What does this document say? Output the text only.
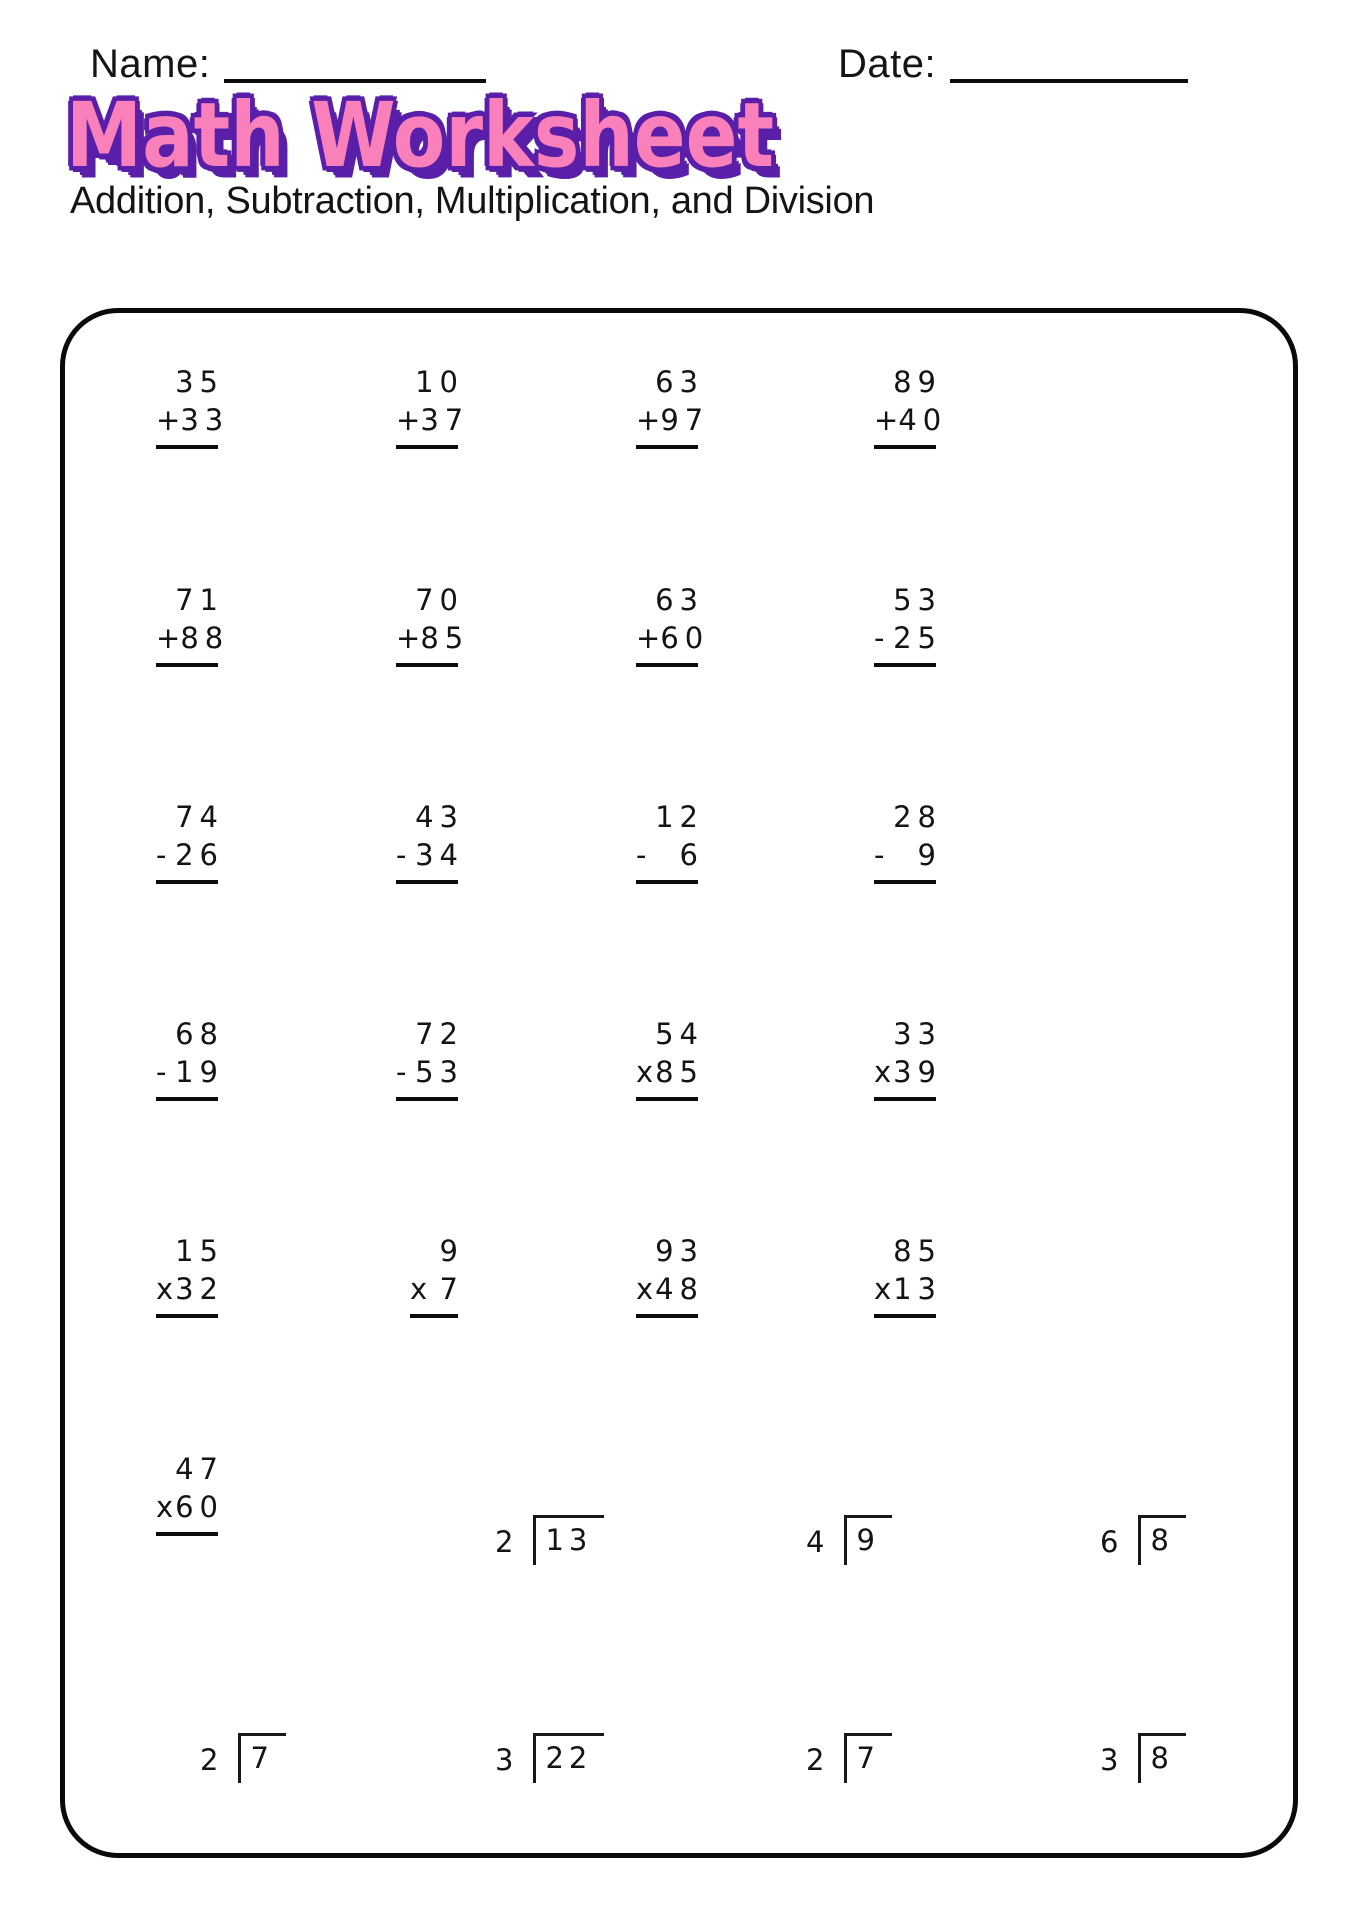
Name:	Date:
Math Worksheet
Addition, Subtraction, Multiplication, and Division
35
+ 33
10
+ 37
63
+ 97
89
+ 40
71
+ 88
70
+ 85
63
+ 60
53
- 25
74
- 26
43
- 34
12
- 6
28
- 9
68
- 19
72
- 53
54
x 85
33
x 39
15
x 32
9
x 7
93
x 48
85
x 13
47
x 60
2 13	4 9	6 8
2 7	3 22	2 7	3 8
